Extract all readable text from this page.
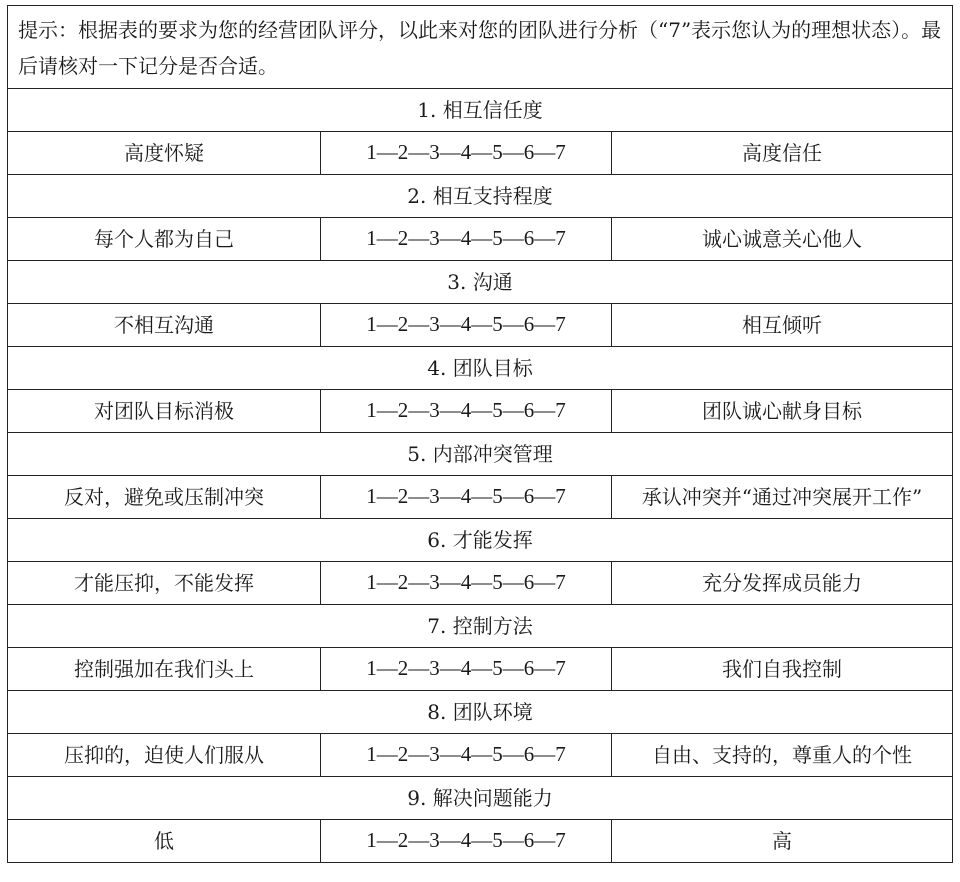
提示：根据表的要求为您的经营团队评分，以此来对您的团队进行分析（“7”表示您认为的理想状态）。最后请核对一下记分是否合适。		
1. 相互信任度		
高度怀疑	1—2—3—4—5—6—7	高度信任
2. 相互支持程度		
每个人都为自己	1—2—3—4—5—6—7	诚心诚意关心他人
3. 沟通		
不相互沟通	1—2—3—4—5—6—7	相互倾听
4. 团队目标		
对团队目标消极	1—2—3—4—5—6—7	团队诚心献身目标
5. 内部冲突管理		
反对，避免或压制冲突	1—2—3—4—5—6—7	承认冲突并“通过冲突展开工作”
6. 才能发挥		
才能压抑，不能发挥	1—2—3—4—5—6—7	充分发挥成员能力
7. 控制方法		
控制强加在我们头上	1—2—3—4—5—6—7	我们自我控制
8. 团队环境		
压抑的，迫使人们服从	1—2—3—4—5—6—7	自由、支持的，尊重人的个性
9. 解决问题能力		
低	1—2—3—4—5—6—7	高
